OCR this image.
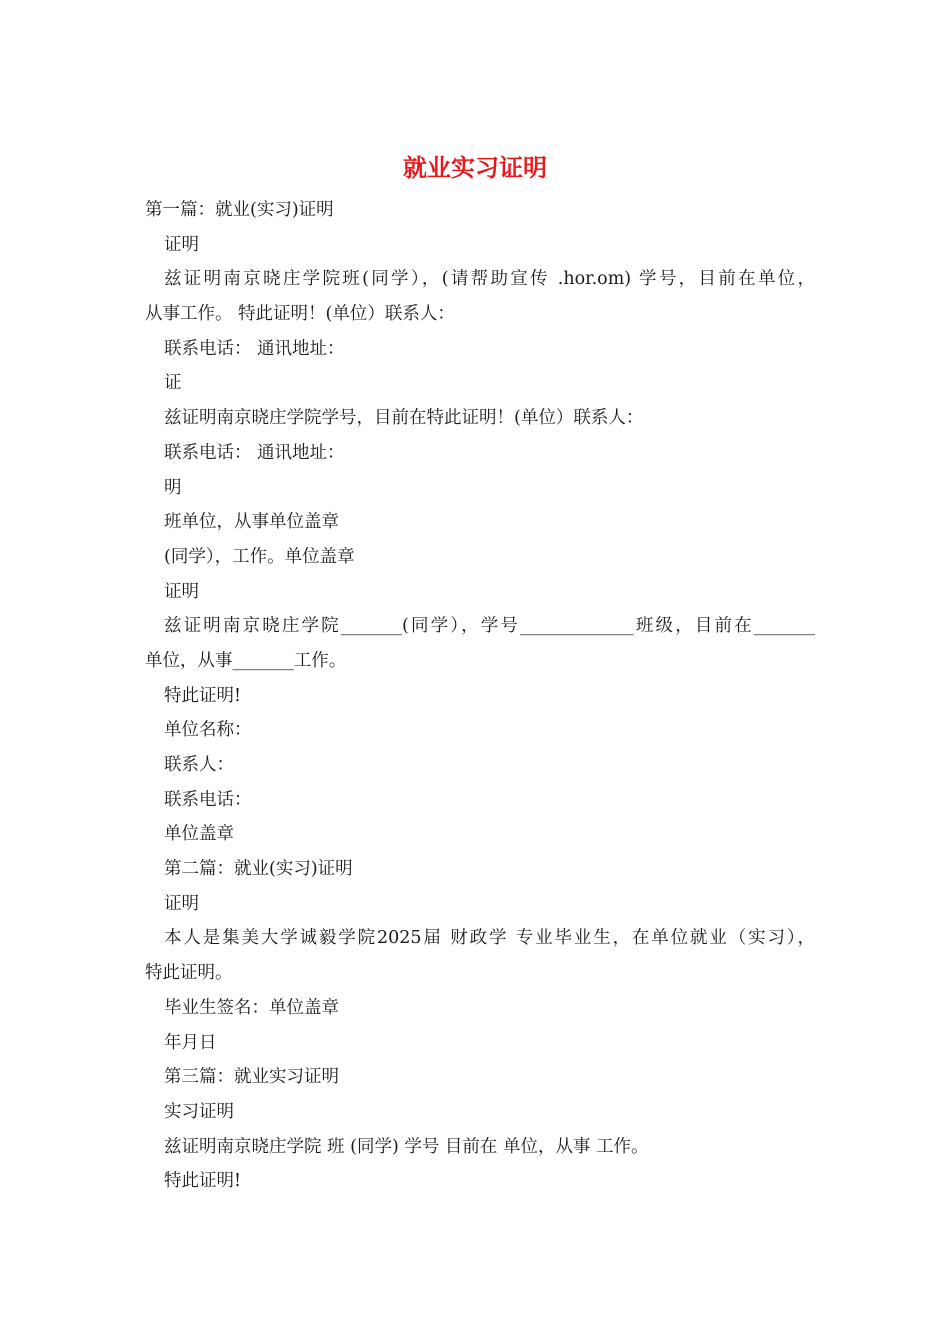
就业实习证明
第一篇：就业(实习)证明
证明
兹证明南京晓庄学院班(同学），(请帮助宣传 .hor.om) 学号，目前在单位，
从事工作。 特此证明！(单位）联系人：
联系电话： 通讯地址：
证
兹证明南京晓庄学院学号，目前在特此证明！(单位）联系人：
联系电话： 通讯地址：
明
班单位，从事单位盖章
(同学），工作。单位盖章
证明
兹证明南京晓庄学院_______(同学），学号_____________班级，目前在_______
单位，从事_______工作。
特此证明!
单位名称：
联系人：
联系电话：
单位盖章
第二篇：就业(实习)证明
证明
本人是集美大学诚毅学院2025届 财政学 专业毕业生，在单位就业（实习），
特此证明。
毕业生签名：单位盖章
年月日
第三篇：就业实习证明
实习证明
兹证明南京晓庄学院 班 (同学) 学号 目前在 单位，从事 工作。
特此证明!
